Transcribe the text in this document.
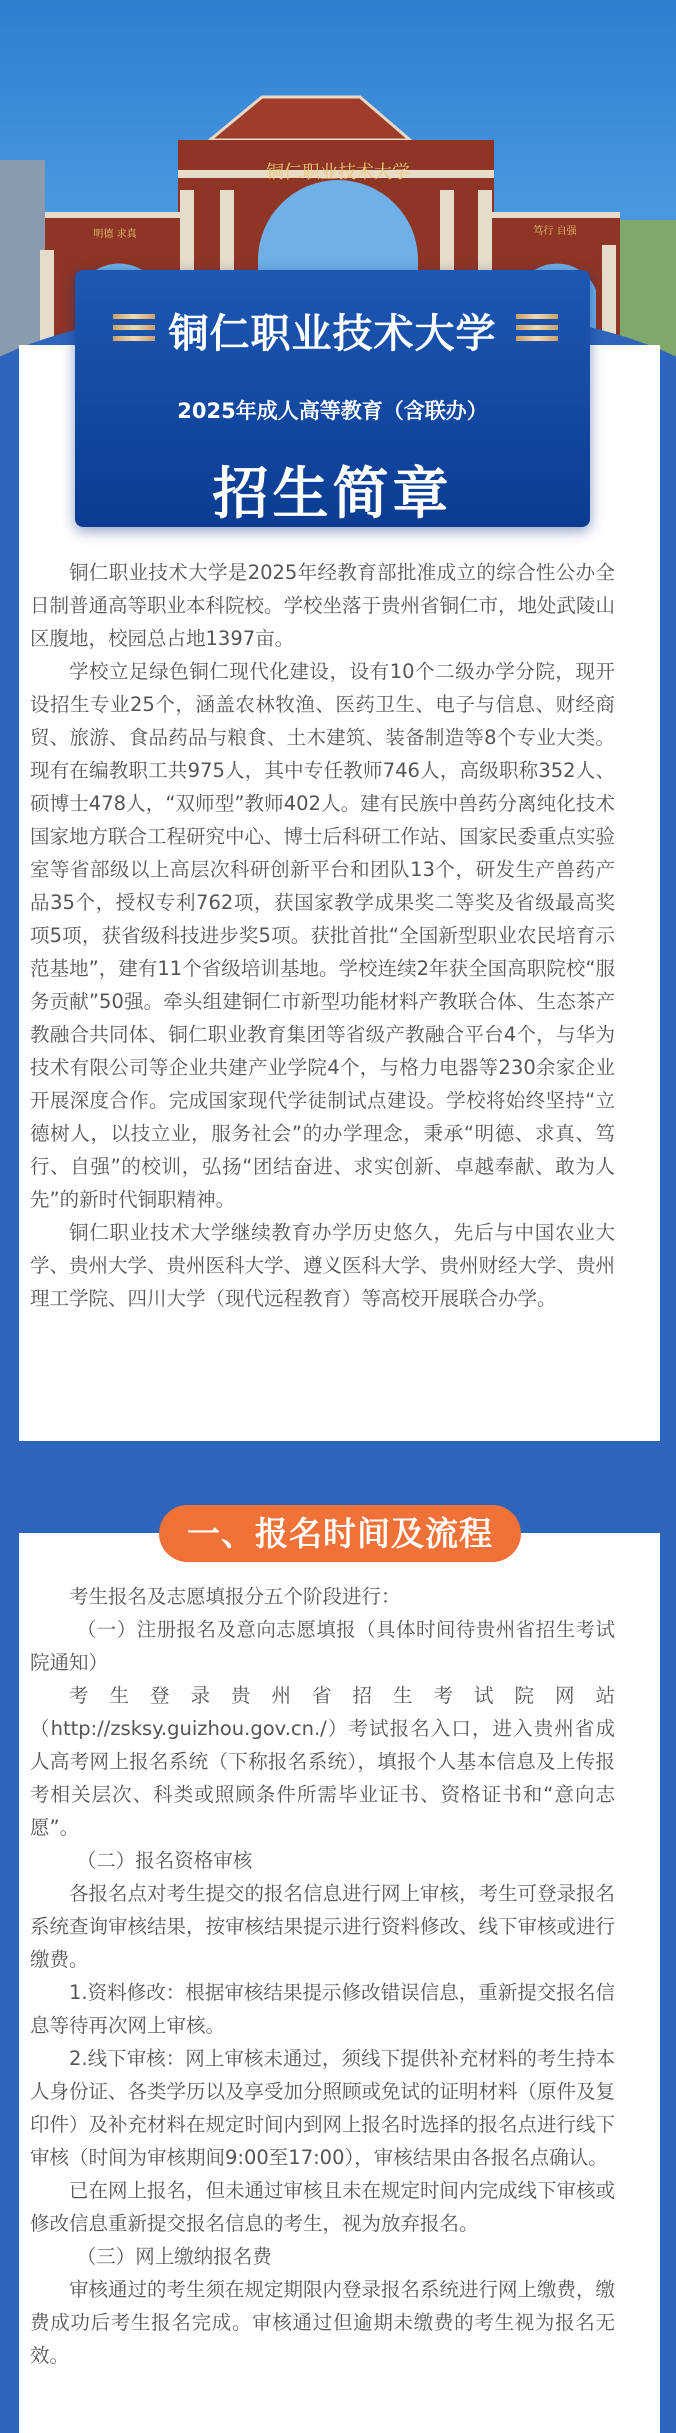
铜仁职业技术大学
明德 求真	笃行 自强
铜仁职业技术大学
2025年成人高等教育（含联办）
招生简章

铜仁职业技术大学是2025年经教育部批准成立的综合性公办全日制普通高等职业本科院校。学校坐落于贵州省铜仁市，地处武陵山区腹地，校园总占地1397亩。

学校立足绿色铜仁现代化建设，设有10个二级办学分院，现开设招生专业25个，涵盖农林牧渔、医药卫生、电子与信息、财经商贸、旅游、食品药品与粮食、土木建筑、装备制造等8个专业大类。现有在编教职工共975人，其中专任教师746人，高级职称352人、硕博士478人，“双师型”教师402人。建有民族中兽药分离纯化技术国家地方联合工程研究中心、博士后科研工作站、国家民委重点实验室等省部级以上高层次科研创新平台和团队13个，研发生产兽药产品35个，授权专利762项，获国家教学成果奖二等奖及省级最高奖项5项，获省级科技进步奖5项。获批首批“全国新型职业农民培育示范基地”，建有11个省级培训基地。学校连续2年获全国高职院校“服务贡献”50强。牵头组建铜仁市新型功能材料产教联合体、生态茶产教融合共同体、铜仁职业教育集团等省级产教融合平台4个，与华为技术有限公司等企业共建产业学院4个，与格力电器等230余家企业开展深度合作。完成国家现代学徒制试点建设。学校将始终坚持“立德树人，以技立业，服务社会”的办学理念，秉承“明德、求真、笃行、自强”的校训，弘扬“团结奋进、求实创新、卓越奉献、敢为人先”的新时代铜职精神。

铜仁职业技术大学继续教育办学历史悠久，先后与中国农业大学、贵州大学、贵州医科大学、遵义医科大学、贵州财经大学、贵州理工学院、四川大学（现代远程教育）等高校开展联合办学。

一、报名时间及流程

考生报名及志愿填报分五个阶段进行：

（一）注册报名及意向志愿填报（具体时间待贵州省招生考试院通知）

考生登录贵州省招生考试院网站（http://zsksy.guizhou.gov.cn./）考试报名入口，进入贵州省成人高考网上报名系统（下称报名系统），填报个人基本信息及上传报考相关层次、科类或照顾条件所需毕业证书、资格证书和“意向志愿”。

（二）报名资格审核

各报名点对考生提交的报名信息进行网上审核，考生可登录报名系统查询审核结果，按审核结果提示进行资料修改、线下审核或进行缴费。

1.资料修改：根据审核结果提示修改错误信息，重新提交报名信息等待再次网上审核。

2.线下审核：网上审核未通过，须线下提供补充材料的考生持本人身份证、各类学历以及享受加分照顾或免试的证明材料（原件及复印件）及补充材料在规定时间内到网上报名时选择的报名点进行线下审核（时间为审核期间9:00至17:00），审核结果由各报名点确认。

已在网上报名，但未通过审核且未在规定时间内完成线下审核或修改信息重新提交报名信息的考生，视为放弃报名。

（三）网上缴纳报名费

审核通过的考生须在规定期限内登录报名系统进行网上缴费，缴费成功后考生报名完成。审核通过但逾期未缴费的考生视为报名无效。
